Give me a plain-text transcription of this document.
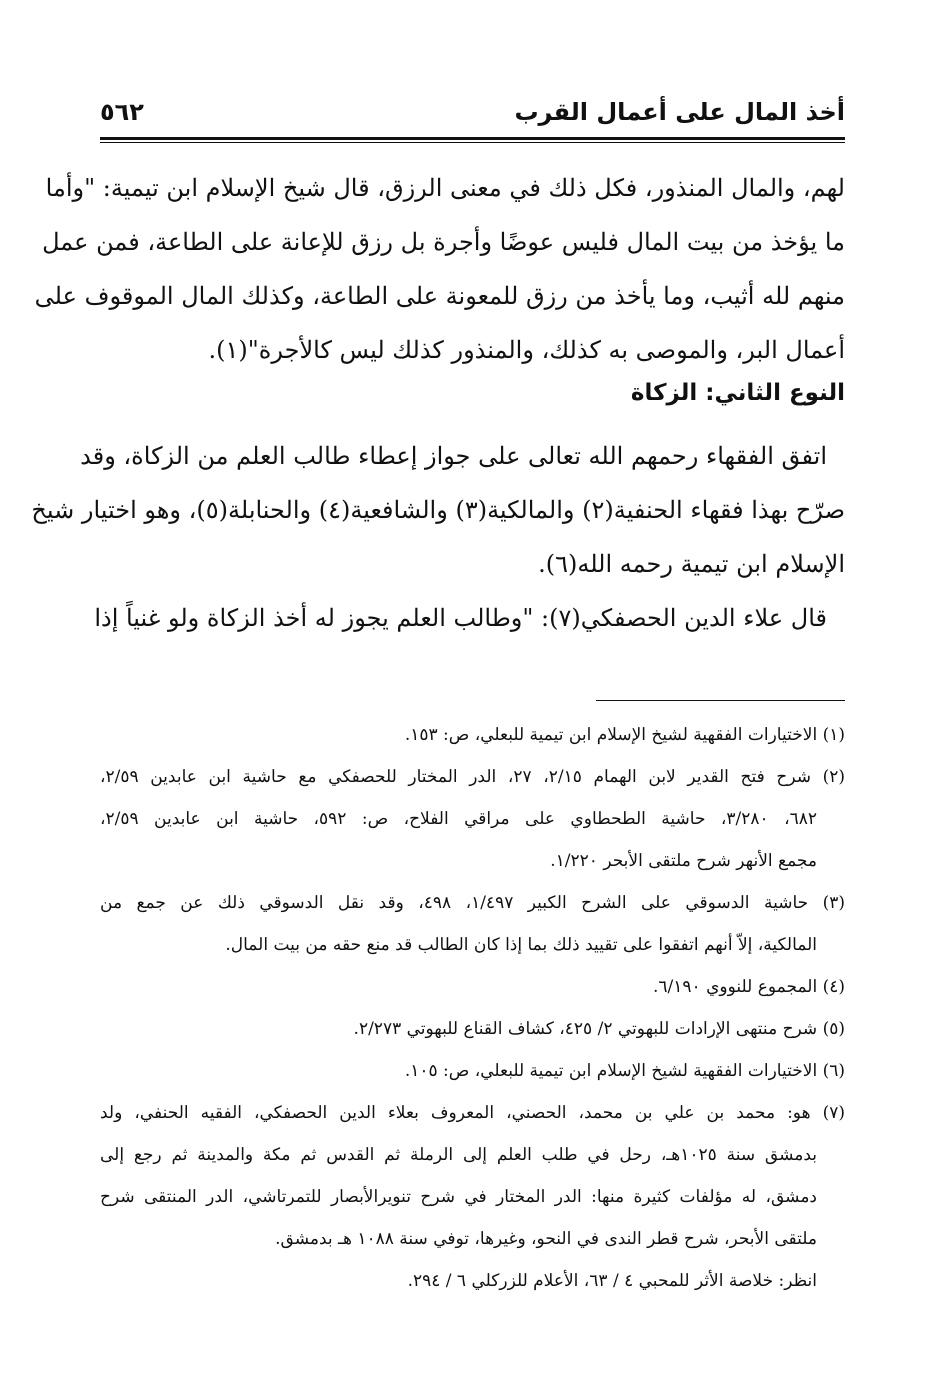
أخذ المال على أعمال القرب
٥٦٢
لهم، والمال المنذور، فكل ذلك في معنى الرزق، قال شيخ الإسلام ابن تيمية: "وأما
ما يؤخذ من بيت المال فليس عوضًا وأجرة بل رزق للإعانة على الطاعة، فمن عمل
منهم لله أثيب، وما يأخذ من رزق للمعونة على الطاعة، وكذلك المال الموقوف على
أعمال البر، والموصى به كذلك، والمنذور كذلك ليس كالأجرة"(١).
النوع الثاني: الزكاة
اتفق الفقهاء رحمهم الله تعالى على جواز إعطاء طالب العلم من الزكاة، وقد
صرّح بهذا فقهاء الحنفية(٢) والمالكية(٣) والشافعية(٤) والحنابلة(٥)، وهو اختيار شيخ
الإسلام ابن تيمية رحمه الله(٦).
قال علاء الدين الحصفكي(٧): "وطالب العلم يجوز له أخذ الزكاة ولو غنياً إذا
(١) الاختيارات الفقهية لشيخ الإسلام ابن تيمية للبعلي، ص: ١٥٣.
(٢) شرح فتح القدير لابن الهمام ٢/١٥، ٢٧، الدر المختار للحصفكي مع حاشية ابن عابدين ٢/٥٩،
٦٨٢، ٣/٢٨٠، حاشية الطحطاوي على مراقي الفلاح، ص: ٥٩٢، حاشية ابن عابدين ٢/٥٩،
مجمع الأنهر شرح ملتقى الأبحر ١/٢٢٠.
(٣) حاشية الدسوقي على الشرح الكبير ١/٤٩٧، ٤٩٨، وقد نقل الدسوقي ذلك عن جمع من
المالكية، إلاّ أنهم اتفقوا على تقييد ذلك بما إذا كان الطالب قد منع حقه من بيت المال.
(٤) المجموع للنووي ٦/١٩٠.
(٥) شرح منتهى الإرادات للبهوتي ٢/ ٤٢٥، كشاف القناع للبهوتي ٢/٢٧٣.
(٦) الاختيارات الفقهية لشيخ الإسلام ابن تيمية للبعلي، ص: ١٠٥.
(٧) هو: محمد بن علي بن محمد، الحصني، المعروف بعلاء الدين الحصفكي، الفقيه الحنفي، ولد
بدمشق سنة ١٠٢٥هـ، رحل في طلب العلم إلى الرملة ثم القدس ثم مكة والمدينة ثم رجع إلى
دمشق، له مؤلفات كثيرة منها: الدر المختار في شرح تنويرالأبصار للتمرتاشي، الدر المنتقى شرح
ملتقى الأبحر، شرح قطر الندى في النحو، وغيرها، توفي سنة ١٠٨٨ هـ بدمشق.
انظر: خلاصة الأثر للمحبي ٤ / ٦٣، الأعلام للزركلي ٦ / ٢٩٤.
